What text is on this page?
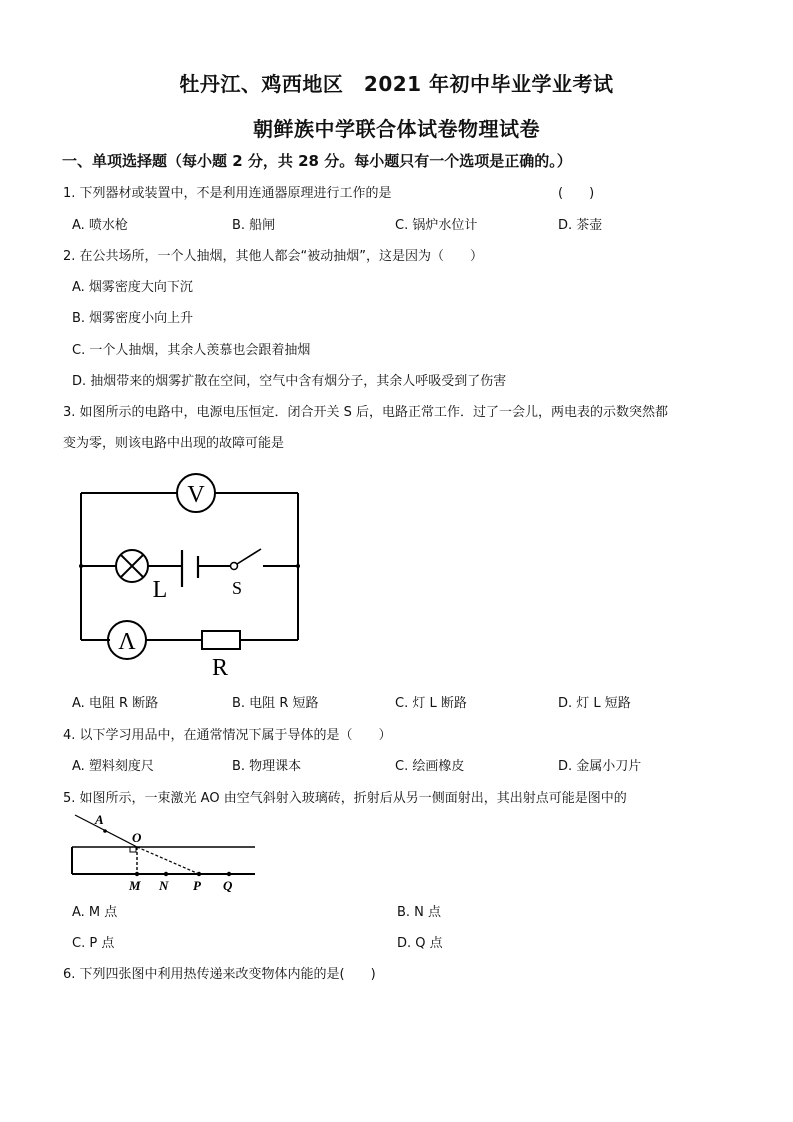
牡丹江、鸡西地区　2021 年初中毕业学业考试
朝鲜族中学联合体试卷物理试卷
一、单项选择题（每小题 2 分，共 28 分。每小题只有一个选项是正确的。）
1. 下列器材或装置中，不是利用连通器原理进行工作的是	(　　)
A. 喷水枪	B. 船闸	C. 锅炉水位计	D. 茶壶
2. 在公共场所，一个人抽烟，其他人都会“被动抽烟”，这是因为（　　）
A. 烟雾密度大向下沉
B. 烟雾密度小向上升
C. 一个人抽烟，其余人羡慕也会跟着抽烟
D. 抽烟带来的烟雾扩散在空间，空气中含有烟分子，其余人呼吸受到了伤害
3. 如图所示的电路中，电源电压恒定．闭合开关 S 后，电路正常工作．过了一会儿，两电表的示数突然都
变为零，则该电路中出现的故障可能是
V
Λ
L	S
R
A. 电阻 R 断路	B. 电阻 R 短路	C. 灯 L 断路	D. 灯 L 短路
4. 以下学习用品中，在通常情况下属于导体的是（　　）
A. 塑料刻度尺	B. 物理课本	C. 绘画橡皮	D. 金属小刀片
5. 如图所示，一束激光 AO 由空气斜射入玻璃砖，折射后从另一侧面射出，其出射点可能是图中的
A
O
M N P Q
A. M 点	B. N 点
C. P 点	D. Q 点
6. 下列四张图中利用热传递来改变物体内能的是(　　)
